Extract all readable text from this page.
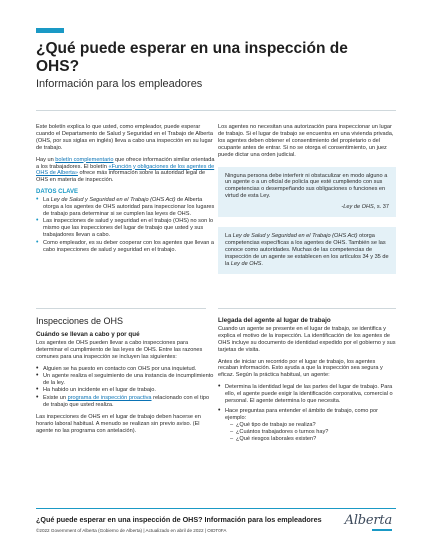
¿Qué puede esperar en una inspección de OHS?
Información para los empleadores

Este boletín explica lo que usted, como empleador, puede esperar cuando el Departamento de Salud y Seguridad en el Trabajo de Alberta (OHS, por sus siglas en inglés) lleva a cabo una inspección en su lugar de trabajo.

Hay un boletín complementario que ofrece información similar orientada a los trabajadores. El boletín «Función y obligaciones de los agentes de OHS de Alberta» ofrece más información sobre la autoridad legal de OHS en materia de inspección.

DATOS CLAVE
• La Ley de Salud y Seguridad en el Trabajo (OHS Act) de Alberta otorga a los agentes de OHS autoridad para inspeccionar los lugares de trabajo para determinar si se cumplen las leyes de OHS.
• Las inspecciones de salud y seguridad en el trabajo (OHS) no son lo mismo que las inspecciones del lugar de trabajo que usted y sus trabajadores llevan a cabo.
• Como empleador, es su deber cooperar con los agentes que llevan a cabo inspecciones de salud y seguridad en el trabajo.
Inspecciones de OHS
Cuándo se llevan a cabo y por qué

Los agentes de OHS pueden llevar a cabo inspecciones para determinar el cumplimiento de las leyes de OHS. Entre las razones comunes para una inspección se incluyen las siguientes:

• Alguien se ha puesto en contacto con OHS por una inquietud.
• Un agente realiza el seguimiento de una instancia de incumplimiento de la ley.
• Ha habido un incidente en el lugar de trabajo.
• Existe un programa de inspección proactiva relacionado con el tipo de trabajo que usted realiza.

Las inspecciones de OHS en el lugar de trabajo deben hacerse en horario laboral habitual. A menudo se realizan sin previo aviso. (El agente no las programa con antelación).

Los agentes no necesitan una autorización para inspeccionar un lugar de trabajo. Si el lugar de trabajo se encuentra en una vivienda privada, los agentes deben obtener el consentimiento del propietario o del ocupante antes de entrar. Si no se otorga el consentimiento, un juez puede dictar una orden judicial.

Ninguna persona debe interferir ni obstaculizar en modo alguno a un agente o a un oficial de policía que esté cumpliendo con sus competencias o desempeñando sus obligaciones o funciones en virtud de esta Ley.

-Ley de OHS, s. 37

La Ley de Salud y Seguridad en el Trabajo (OHS Act) otorga competencias específicas a los agentes de OHS. También se las conoce como autoridades. Muchas de las competencias de inspección de un agente se establecen en los artículos 34 y 35 de la Ley de OHS.
Llegada del agente al lugar de trabajo

Cuando un agente se presente en el lugar de trabajo, se identifica y explica el motivo de la inspección. La identificación de los agentes de OHS incluye su documento de identidad expedido por el gobierno y sus tarjetas de visita.

Antes de iniciar un recorrido por el lugar de trabajo, los agentes recaban información. Esto ayuda a que la inspección sea segura y eficaz. Según la práctica habitual, un agente:

• Determina la identidad legal de las partes del lugar de trabajo. Para ello, el agente puede exigir la identificación corporativa, comercial o personal. El agente determina lo que necesita.
• Hace preguntas para entender el ámbito de trabajo, como por ejemplo:
– ¿Qué tipo de trabajo se realiza?
– ¿Cuántos trabajadores o turnos hay?
– ¿Qué riesgos laborales existen?
¿Qué puede esperar en una inspección de OHS? Información para los empleadores
©2022 Government of Alberta (Gobierno de Alberta) | Actualizado en abril de 2022 | OIDT0FA
Alberta
